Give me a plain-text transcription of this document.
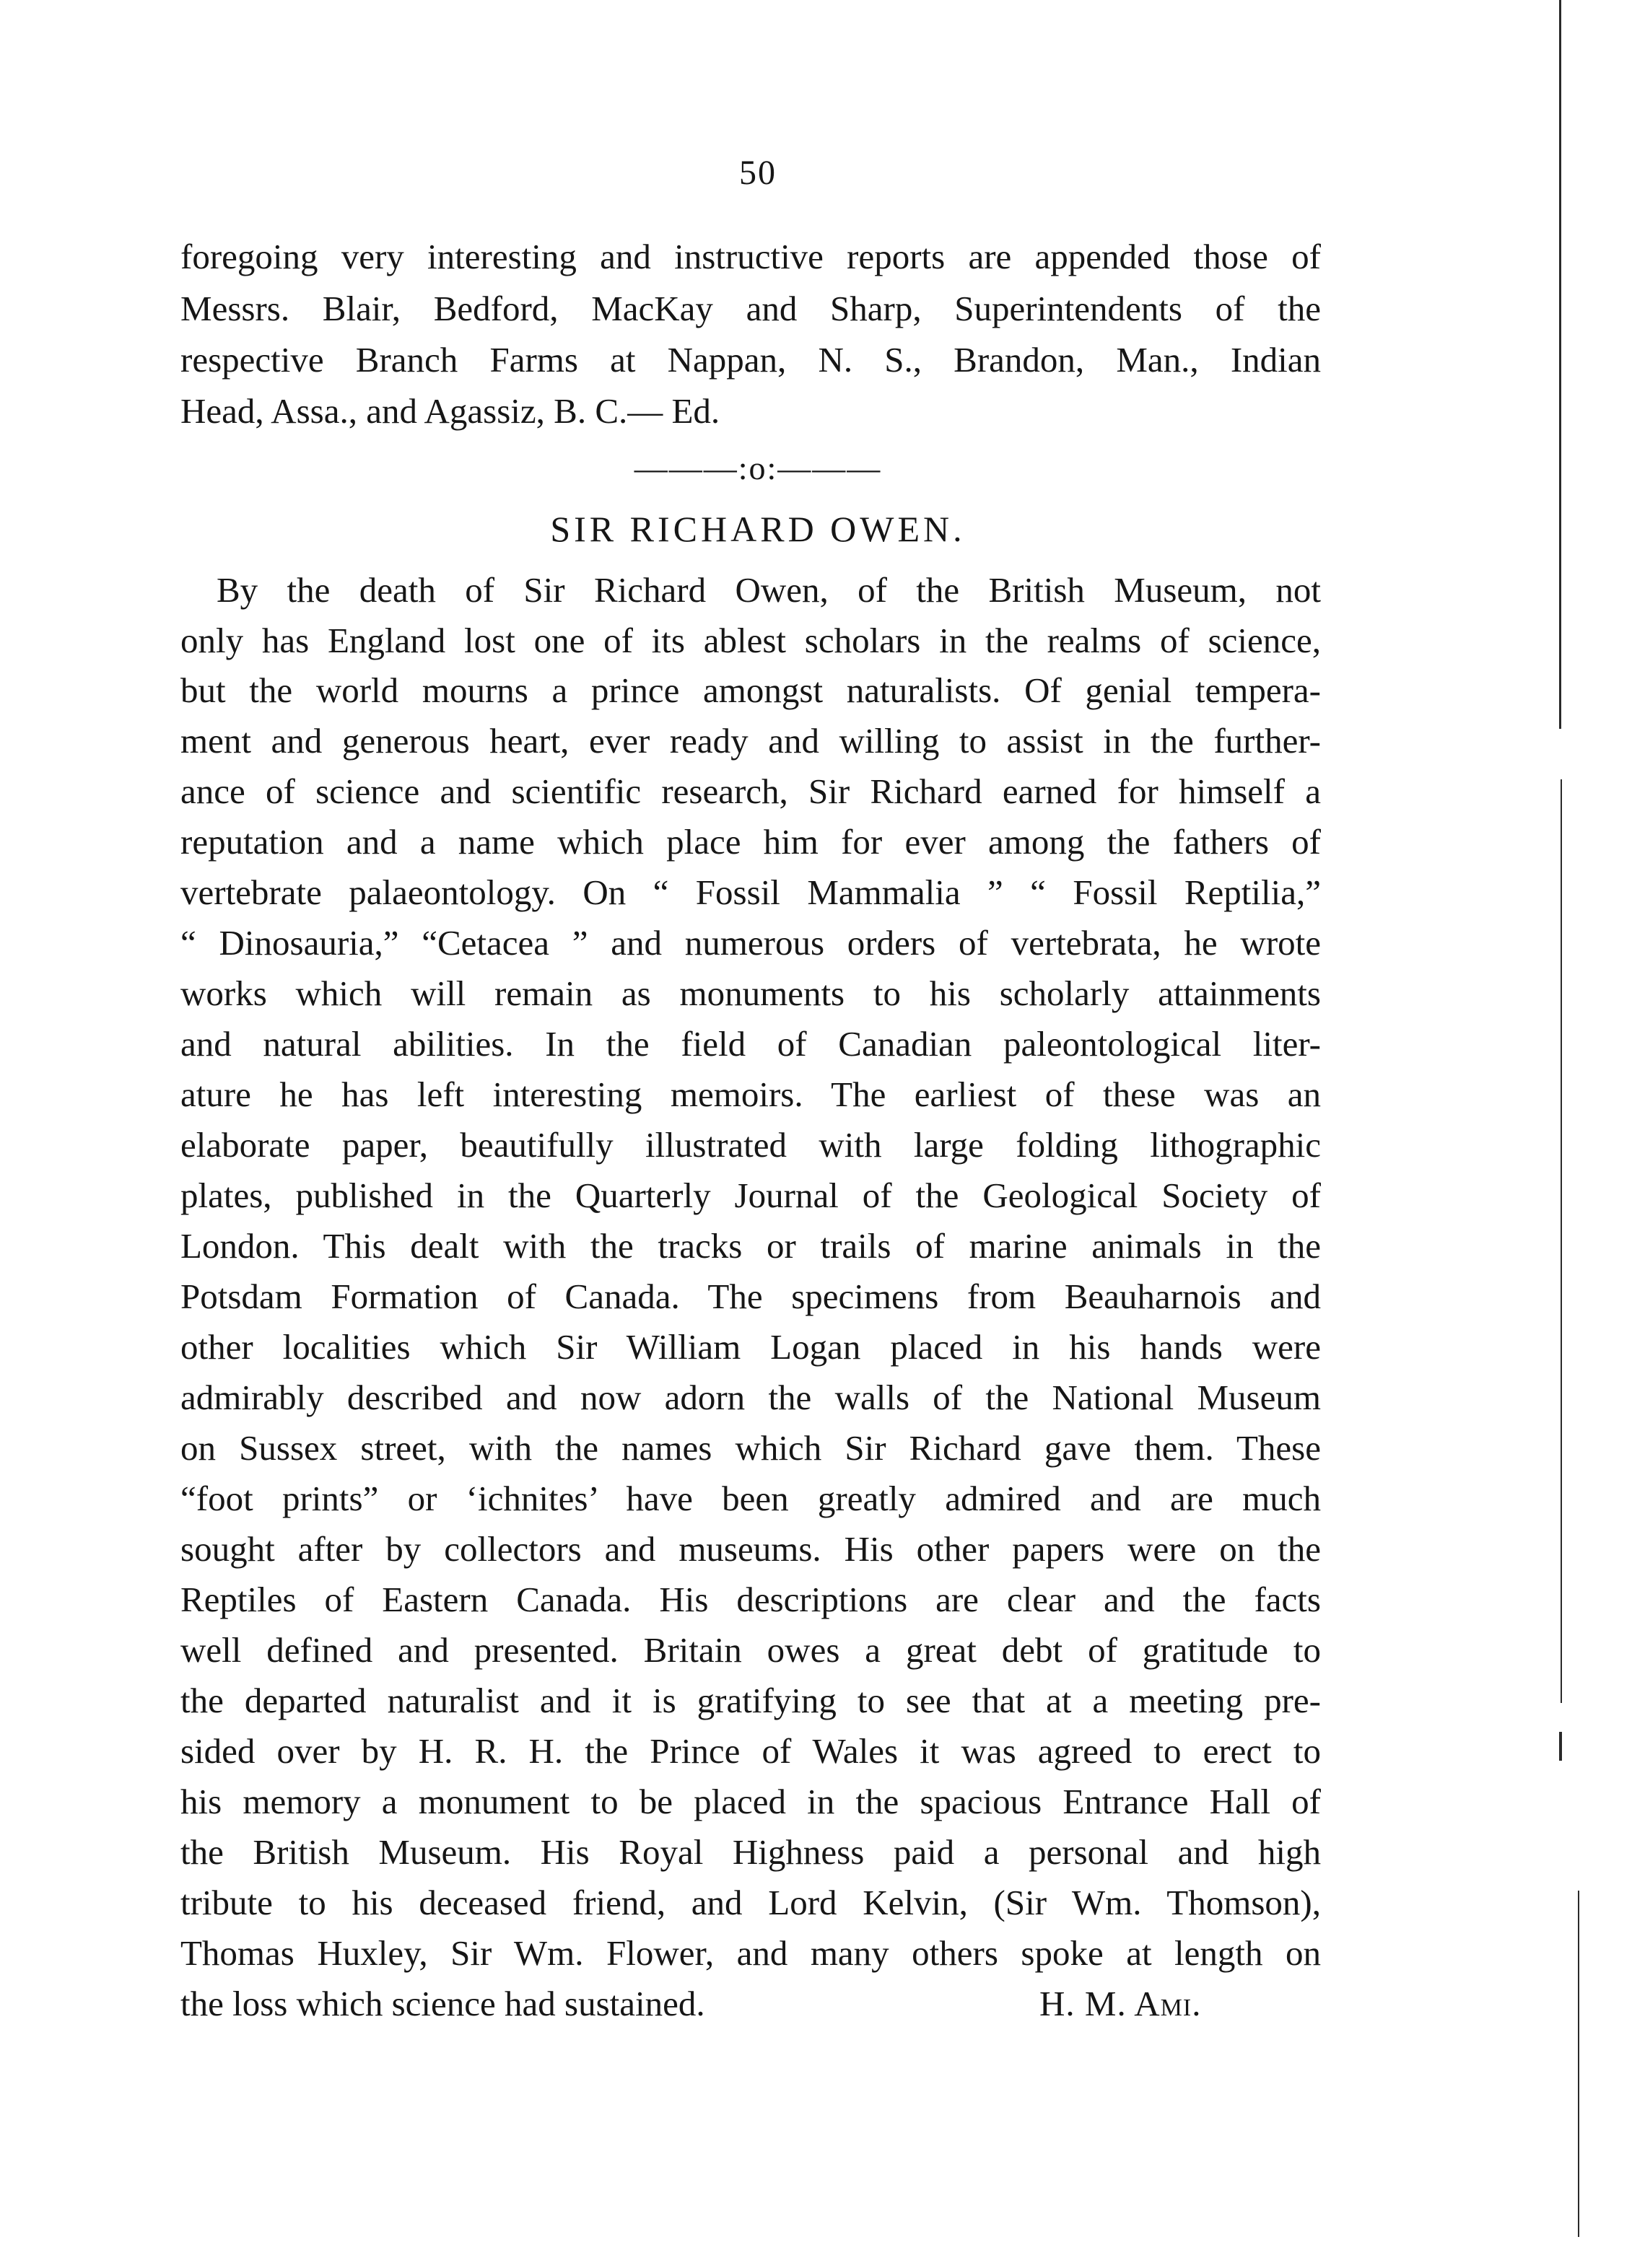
50
foregoing very interesting and instructive reports are appended those of
Messrs. Blair, Bedford, MacKay and Sharp, Superintendents of the
respective Branch Farms at Nappan, N. S., Brandon, Man., Indian
Head, Assa., and Agassiz, B. C.— Ed.
———:o:———
SIR RICHARD OWEN.
By the death of Sir Richard Owen, of the British Museum, not
only has England lost one of its ablest scholars in the realms of science,
but the world mourns a prince amongst naturalists. Of genial tempera-
ment and generous heart, ever ready and willing to assist in the further-
ance of science and scientific research, Sir Richard earned for himself a
reputation and a name which place him for ever among the fathers of
vertebrate palaeontology. On “ Fossil Mammalia ” “ Fossil Reptilia,”
“ Dinosauria,” “Cetacea ” and numerous orders of vertebrata, he wrote
works which will remain as monuments to his scholarly attainments
and natural abilities. In the field of Canadian paleontological liter-
ature he has left interesting memoirs. The earliest of these was an
elaborate paper, beautifully illustrated with large folding lithographic
plates, published in the Quarterly Journal of the Geological Society of
London. This dealt with the tracks or trails of marine animals in the
Potsdam Formation of Canada. The specimens from Beauharnois and
other localities which Sir William Logan placed in his hands were
admirably described and now adorn the walls of the National Museum
on Sussex street, with the names which Sir Richard gave them. These
“foot prints” or ‘ichnites’ have been greatly admired and are much
sought after by collectors and museums. His other papers were on the
Reptiles of Eastern Canada. His descriptions are clear and the facts
well defined and presented. Britain owes a great debt of gratitude to
the departed naturalist and it is gratifying to see that at a meeting pre-
sided over by H. R. H. the Prince of Wales it was agreed to erect to
his memory a monument to be placed in the spacious Entrance Hall of
the British Museum. His Royal Highness paid a personal and high
tribute to his deceased friend, and Lord Kelvin, (Sir Wm. Thomson),
Thomas Huxley, Sir Wm. Flower, and many others spoke at length on
the loss which science had sustained.	H. M. Ami.
